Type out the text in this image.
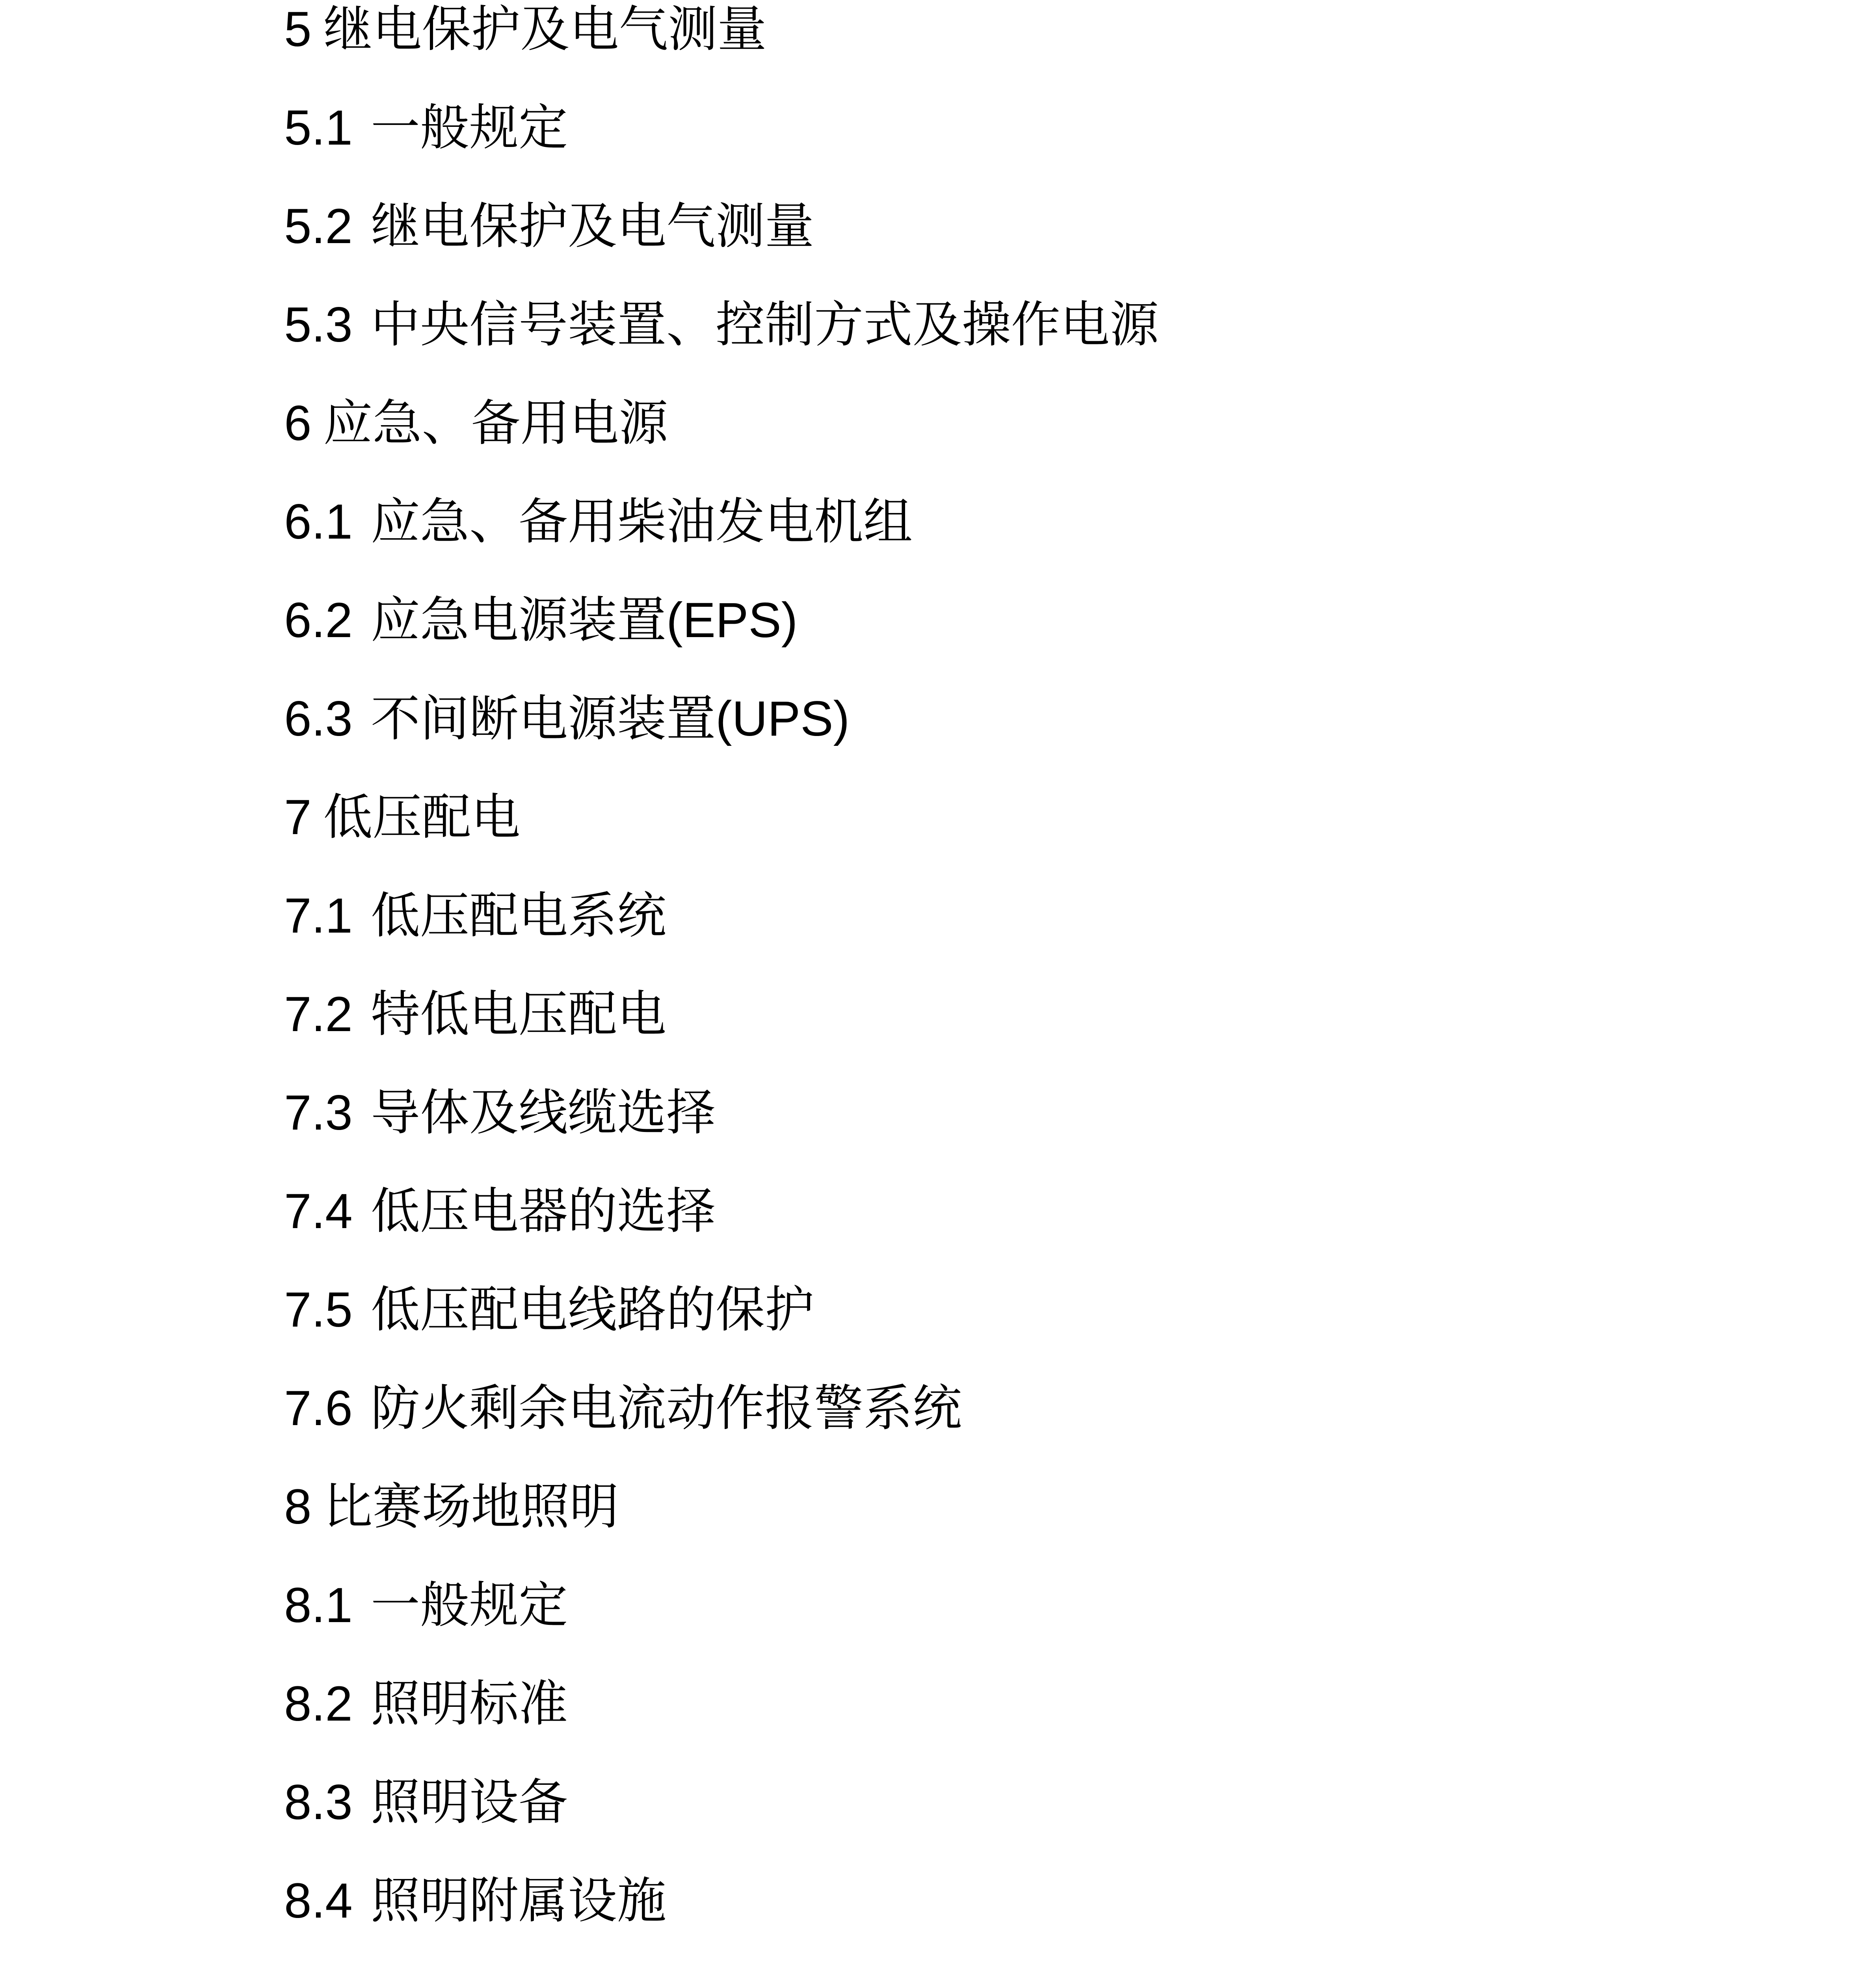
5 继电保护及电气测量
5.1 一般规定
5.2 继电保护及电气测量
5.3 中央信号装置、控制方式及操作电源
6 应急、备用电源
6.1 应急、备用柴油发电机组
6.2 应急电源装置(EPS)
6.3 不间断电源装置(UPS)
7 低压配电
7.1 低压配电系统
7.2 特低电压配电
7.3 导体及线缆选择
7.4 低压电器的选择
7.5 低压配电线路的保护
7.6 防火剩余电流动作报警系统
8 比赛场地照明
8.1 一般规定
8.2 照明标准
8.3 照明设备
8.4 照明附属设施
